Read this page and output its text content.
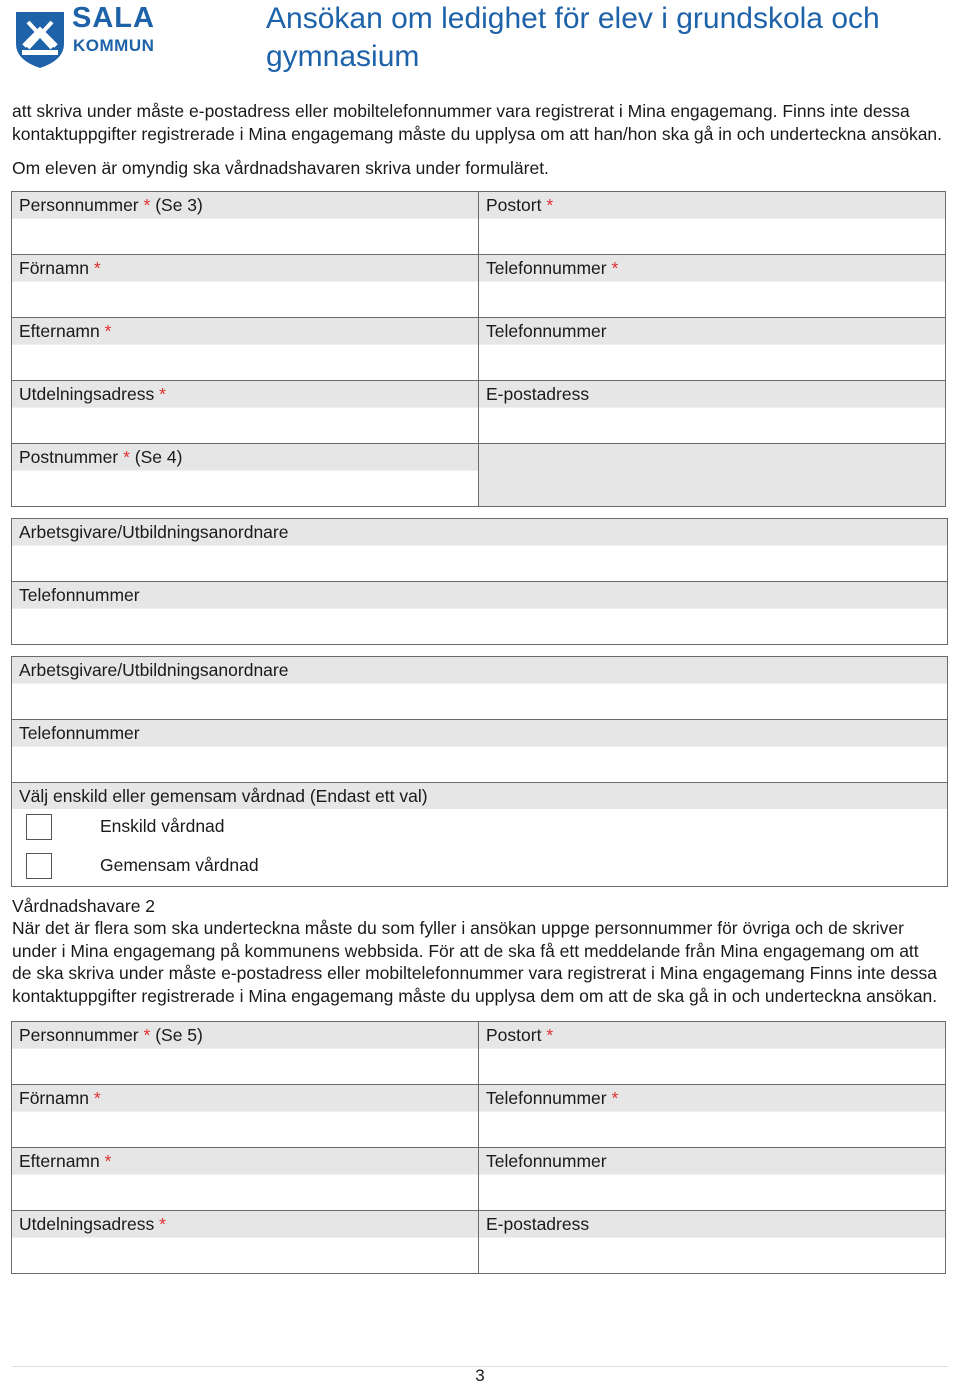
SALA
KOMMUN
Ansökan om ledighet för elev i grundskola och gymnasium

att skriva under måste e-postadress eller mobiltelefonnummer vara registrerat i Mina engagemang. Finns inte dessa kontaktuppgifter registrerade i Mina engagemang måste du upplysa om att han/hon ska gå in och underteckna ansökan.

Om eleven är omyndig ska vårdnadshavaren skriva under formuläret.

Personnummer * (Se 3)	Postort *
Förnamn *	Telefonnummer *
Efternamn *	Telefonnummer
Utdelningsadress *	E-postadress
Postnummer * (Se 4)
Arbetsgivare/Utbildningsanordnare
Telefonnummer
Arbetsgivare/Utbildningsanordnare
Telefonnummer
Välj enskild eller gemensam vårdnad (Endast ett val)
Enskild vårdnad
Gemensam vårdnad

Vårdnadshavare 2

När det är flera som ska underteckna måste du som fyller i ansökan uppge personnummer för övriga och de skriver under i Mina engagemang på kommunens webbsida. För att de ska få ett meddelande från Mina engagemang om att de ska skriva under måste e-postadress eller mobiltelefonnummer vara registrerat i Mina engagemang Finns inte dessa kontaktuppgifter registrerade i Mina engagemang måste du upplysa dem om att de ska gå in och underteckna ansökan.

Personnummer * (Se 5)	Postort *
Förnamn *	Telefonnummer *
Efternamn *	Telefonnummer
Utdelningsadress *	E-postadress
3
